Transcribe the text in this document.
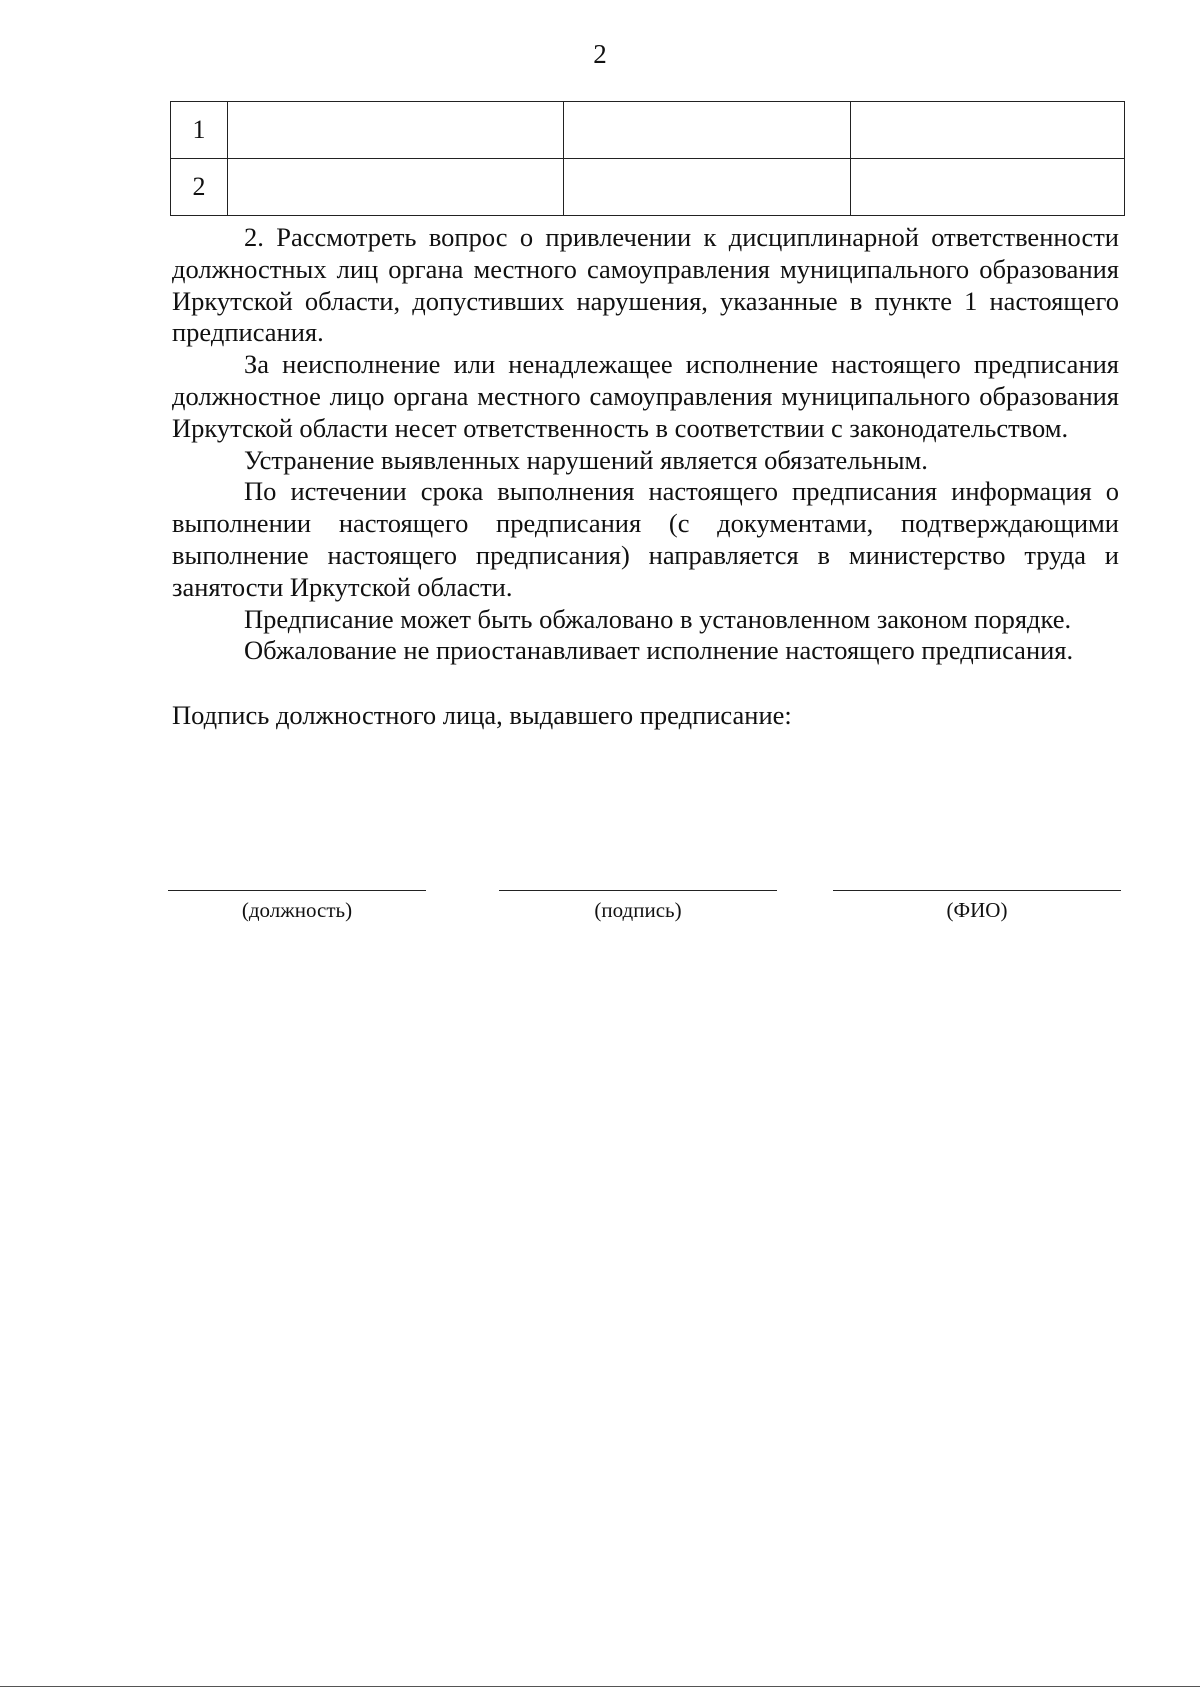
2
1			
2			

2. Рассмотреть вопрос о привлечении к дисциплинарной ответственности должностных лиц органа местного самоуправления муниципального образования Иркутской области, допустивших нарушения, указанные в пункте 1 настоящего предписания.

За неисполнение или ненадлежащее исполнение настоящего предписания должностное лицо органа местного самоуправления муниципального образования Иркутской области несет ответственность в соответствии с законодательством.

Устранение выявленных нарушений является обязательным.

По истечении срока выполнения настоящего предписания информация о выполнении настоящего предписания (с документами, подтверждающими выполнение настоящего предписания) направляется в министерство труда и занятости Иркутской области.

Предписание может быть обжаловано в установленном законом порядке.

Обжалование не приостанавливает исполнение настоящего предписания.

Подпись должностного лица, выдавшего предписание:

(должность)	(подпись)	(ФИО)
